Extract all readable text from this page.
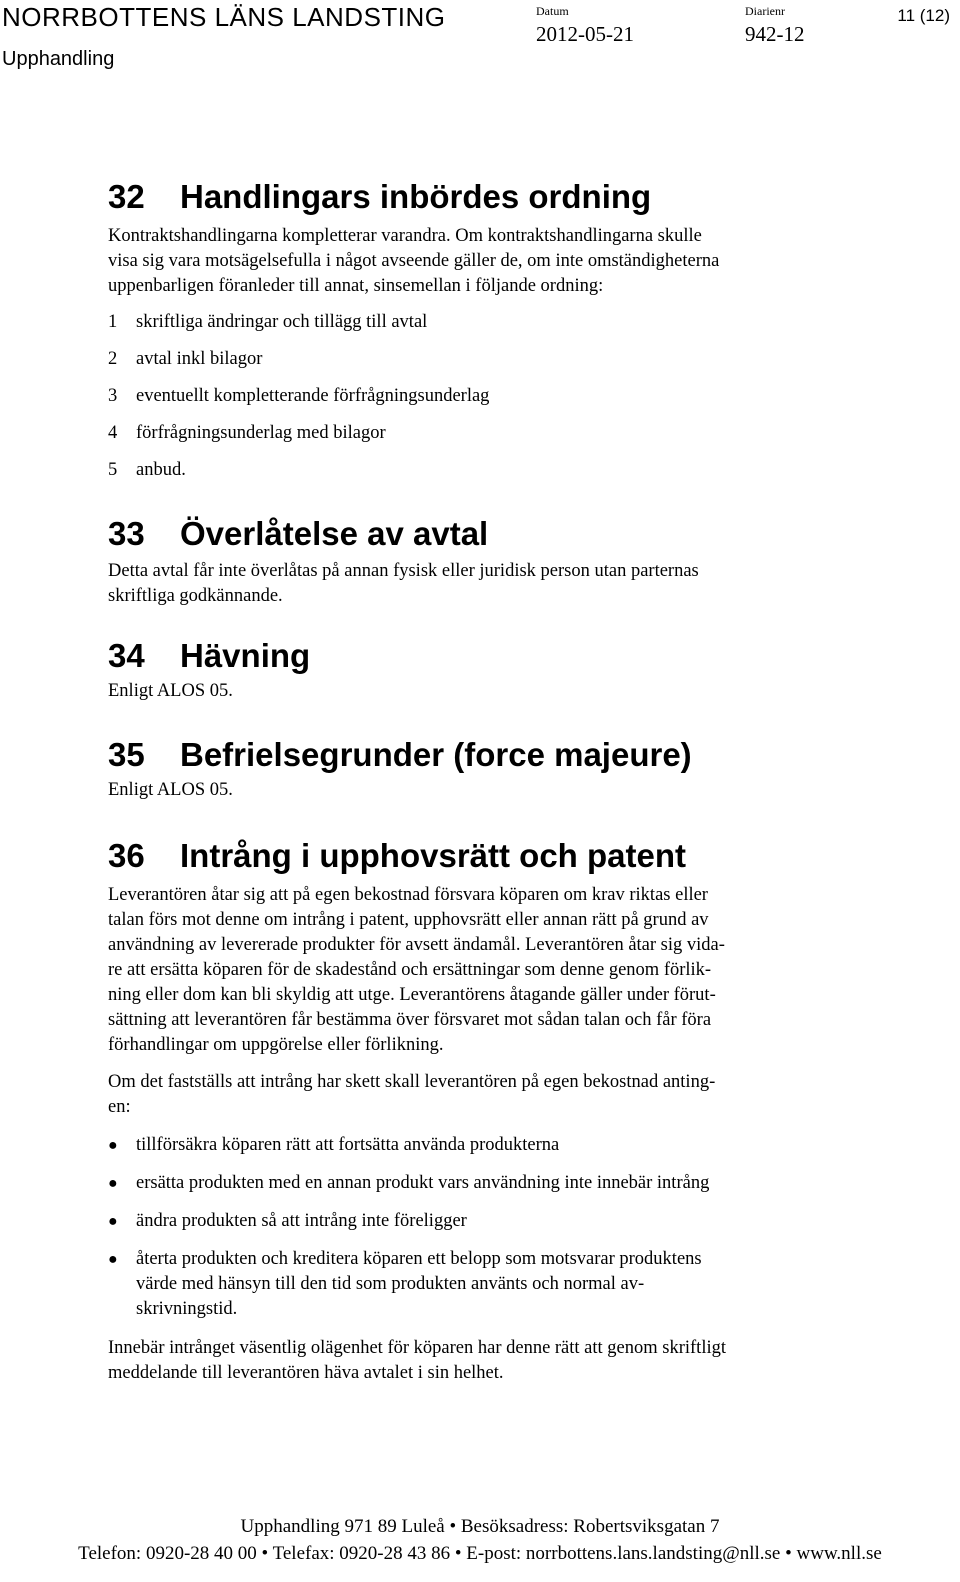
NORRBOTTENS LÄNS LANDSTING
Upphandling
Datum
2012-05-21
Diarienr
942-12
11 (12)
32	Handlingars inbördes ordning

Kontraktshandlingarna kompletterar varandra. Om kontraktshandlingarna skulle
visa sig vara motsägelsefulla i något avseende gäller de, om inte omständigheterna
uppenbarligen föranleder till annat, sinsemellan i följande ordning:

1	skriftliga ändringar och tillägg till avtal
2	avtal inkl bilagor
3	eventuellt kompletterande förfrågningsunderlag
4	förfrågningsunderlag med bilagor
5	anbud.
33	Överlåtelse av avtal

Detta avtal får inte överlåtas på annan fysisk eller juridisk person utan parternas
skriftliga godkännande.

34	Hävning

Enligt ALOS 05.

35	Befrielsegrunder (force majeure)

Enligt ALOS 05.

36	Intrång i upphovsrätt och patent

Leverantören åtar sig att på egen bekostnad försvara köparen om krav riktas eller
talan förs mot denne om intrång i patent, upphovsrätt eller annan rätt på grund av
användning av levererade produkter för avsett ändamål. Leverantören åtar sig vida-
re att ersätta köparen för de skadestånd och ersättningar som denne genom förlik-
ning eller dom kan bli skyldig att utge. Leverantörens åtagande gäller under förut-
sättning att leverantören får bestämma över försvaret mot sådan talan och får föra
förhandlingar om uppgörelse eller förlikning.

Om det fastställs att intrång har skett skall leverantören på egen bekostnad anting-
en:

● tillförsäkra köparen rätt att fortsätta använda produkterna
● ersätta produkten med en annan produkt vars användning inte innebär intrång
● ändra produkten så att intrång inte föreligger
● återta produkten och kreditera köparen ett belopp som motsvarar produktens
värde med hänsyn till den tid som produkten använts och normal av-
skrivningstid.

Innebär intrånget väsentlig olägenhet för köparen har denne rätt att genom skriftligt
meddelande till leverantören häva avtalet i sin helhet.

Upphandling 971 89 Luleå • Besöksadress: Robertsviksgatan 7
Telefon: 0920-28 40 00 • Telefax: 0920-28 43 86 • E-post: norrbottens.lans.landsting@nll.se • www.nll.se
